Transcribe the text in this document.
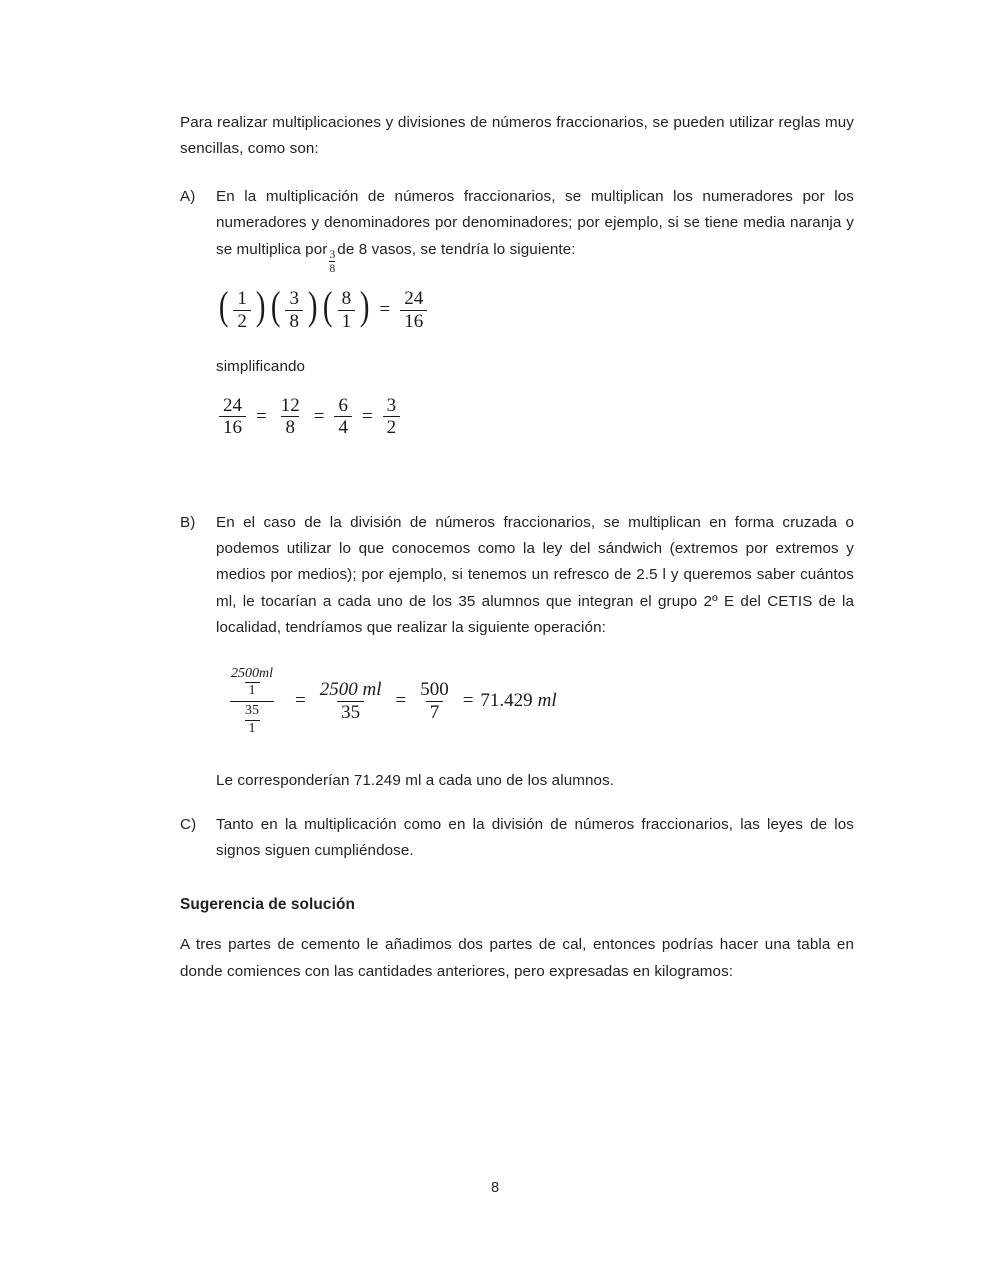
Para realizar multiplicaciones y divisiones de números fraccionarios, se pueden utilizar reglas muy sencillas, como son:

A)	En la multiplicación de números fraccionarios, se multiplican los numeradores por los numeradores y denominadores por denominadores; por ejemplo, si se tiene media naranja y se multiplica por
$\frac{3}{8}$
de 8 vasos, se tendría lo siguiente:
( $\frac{1}{2}$ ) ( $\frac{3}{8}$ ) ( $\frac{8}{1}$ ) = $\frac{24}{16}$

simplificando

$\frac{24}{16} = \frac{12}{8} = \frac{6}{4} = \frac{3}{2}$
B)	En el caso de la división de números fraccionarios, se multiplican en forma cruzada o podemos utilizar lo que conocemos como la ley del sándwich (extremos por extremos y medios por medios); por ejemplo, si tenemos un refresco de 2.5 l y queremos saber cuántos ml, le tocarían a cada uno de los 35 alumnos que integran el grupo 2º E del CETIS de la localidad, tendríamos que realizar la siguiente operación:
$\frac{\frac{2500ml}{1}}{\frac{35}{1}} = \frac{2500 ml}{35} = \frac{500}{7} = 71.429$ ml

Le corresponderían 71.249 ml a cada uno de los alumnos.

C)	Tanto en la multiplicación como en la división de números fraccionarios, las leyes de los signos siguen cumpliéndose.
Sugerencia de solución

A tres partes de cemento le añadimos dos partes de cal, entonces podrías hacer una tabla en donde comiences con las cantidades anteriores, pero expresadas en kilogramos:

8
